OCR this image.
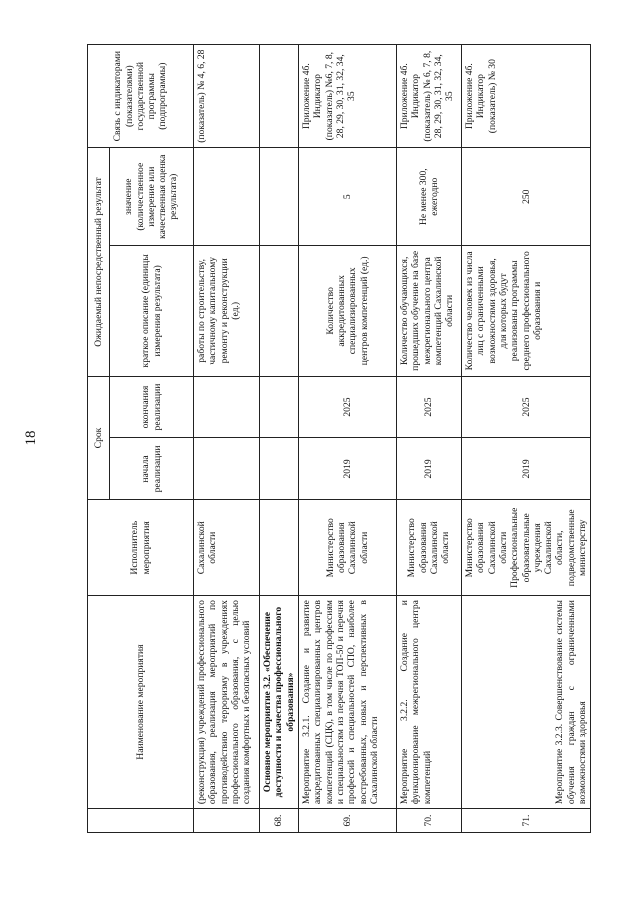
18
	Наименование мероприятия	Исполнитель мероприятия	Срок		Ожидаемый непосредственный результат		Связь с индикаторами (показателями) государственной программы (подпрограммы)

			начала реализации	окончания реализации	краткое описание (единицы измерения результата)	значение (количественное измерение или качественная оценка результата)	
	(реконструкция) учреждений профессионального образования, реализация мероприятий по противодействию терроризму в учреждениях профессионального образования, с целью создания комфортных и безопасных условий	Сахалинской области			работы по строительству, частичному капитальному ремонту и реконструкции (ед.)		(показатель) № 4, 6, 28
68.	Основное мероприятие 3.2. «Обеспечение доступности и качества профессионального образования»						
69.	Мероприятие 3.2.1. Создание и развитие аккредитованных специализированных центров компетенций (СЦК), в том числе по профессиям и специальностям из перечня ТОП-50 и перечня профессий и специальностей СПО, наиболее востребованных, новых и перспективных в Сахалинской области	Министерство образования Сахалинской области	2019	2025	Количество аккредитованных специализированных центров компетенций (ед.)	5	Приложение 4б. Индикатор (показатель) №6, 7, 8, 28, 29, 30, 31, 32, 34, 35
70.	Мероприятие 3.2.2. Создание и функционирование межрегионального центра компетенций	Министерство образования Сахалинской области	2019	2025	Количество обучающихся, прошедших обучение на базе межрегионального центра компетенций Сахалинской области	Не менее 300, ежегодно	Приложение 4б. Индикатор (показатель) № 6, 7, 8, 28, 29, 30, 31, 32, 34, 35
71.	Мероприятие 3.2.3. Совершенствование системы обучения граждан с ограниченными возможностями здоровья	Министерство образования Сахалинской области Профессиональные образовательные учреждения Сахалинской области, подведомственные министерству	2019	2025	Количество человек из числа лиц с ограниченными возможностями здоровья, для которых будут реализованы программы среднего профессионального образования и	250	Приложение 4б. Индикатор (показатель) № 30
